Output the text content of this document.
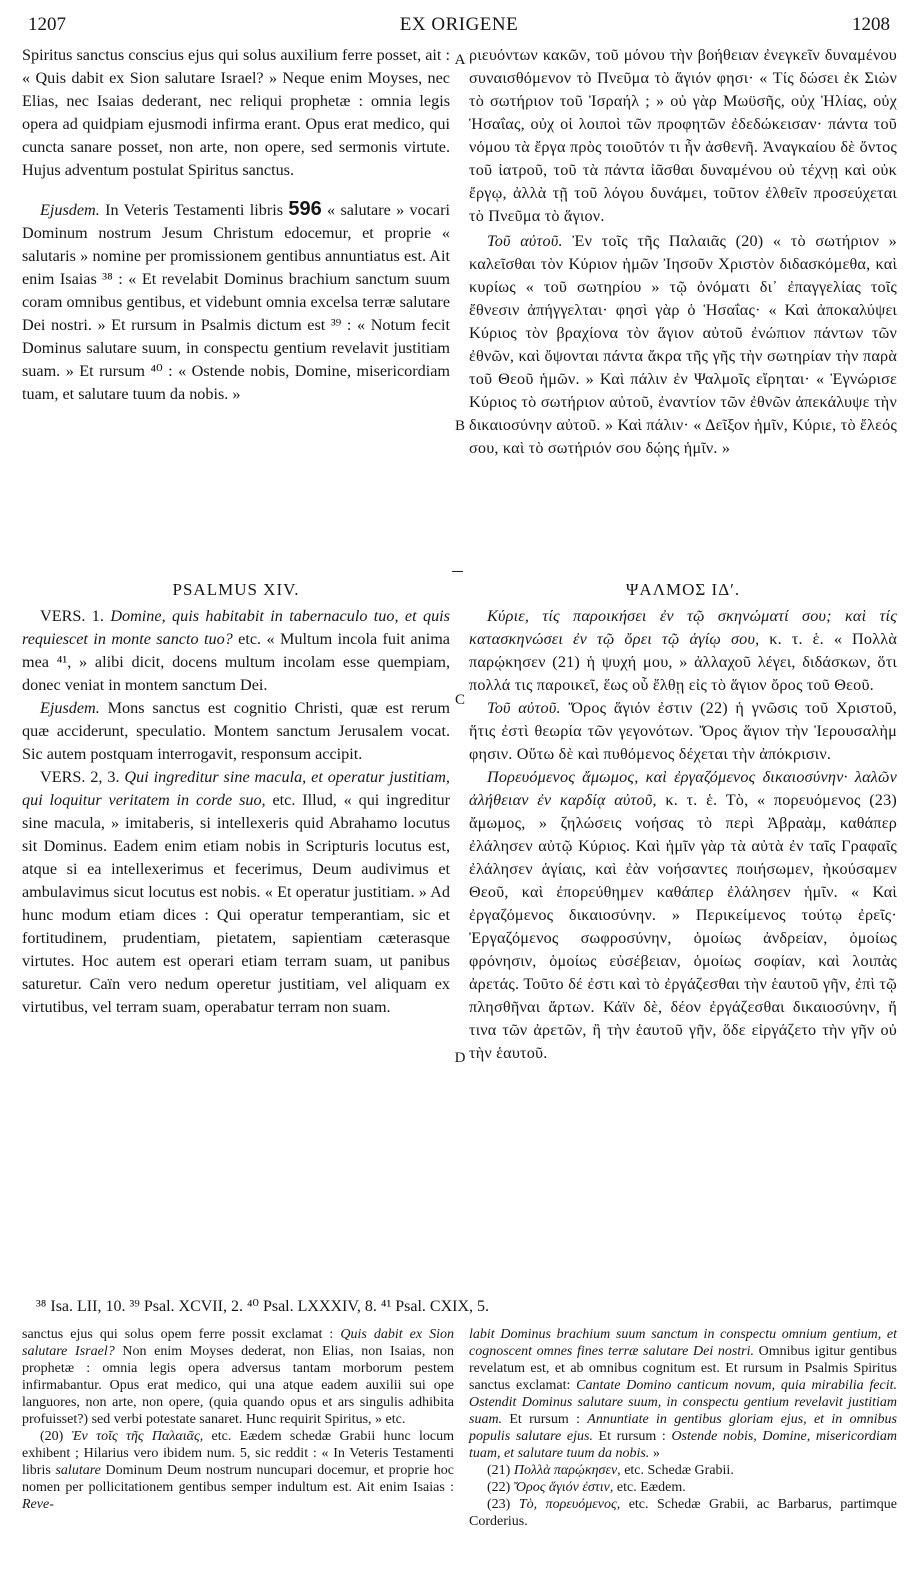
1207	EX ORIGENE	1208
A
B
C
D

Spiritus sanctus conscius ejus qui solus auxilium ferre posset, ait : « Quis dabit ex Sion salutare Israel? » Neque enim Moyses, nec Elias, nec Isaias dederant, nec reliqui prophetæ : omnia legis opera ad quidpiam ejusmodi infirma erant. Opus erat medico, qui cuncta sanare posset, non arte, non opere, sed sermonis virtute. Hujus adventum postulat Spiritus sanctus.

Ejusdem. In Veteris Testamenti libris 596 « salutare » vocari Dominum nostrum Jesum Christum edocemur, et proprie « salutaris » nomine per promissionem gentibus annuntiatus est. Ait enim Isaias ³⁸ : « Et revelabit Dominus brachium sanctum suum coram omnibus gentibus, et videbunt omnia excelsa terræ salutare Dei nostri. » Et rursum in Psalmis dictum est ³⁹ : « Notum fecit Dominus salutare suum, in conspectu gentium revelavit justitiam suam. » Et rursum ⁴⁰ : « Ostende nobis, Domine, misericordiam tuam, et salutare tuum da nobis. »

PSALMUS XIV.

VERS. 1. Domine, quis habitabit in tabernaculo tuo, et quis requiescet in monte sancto tuo? etc. « Multum incola fuit anima mea ⁴¹, » alibi dicit, docens multum incolam esse quempiam, donec veniat in montem sanctum Dei.

Ejusdem. Mons sanctus est cognitio Christi, quæ est rerum quæ acciderunt, speculatio. Montem sanctum Jerusalem vocat. Sic autem postquam interrogavit, responsum accipit.

VERS. 2, 3. Qui ingreditur sine macula, et operatur justitiam, qui loquitur veritatem in corde suo, etc. Illud, « qui ingreditur sine macula, » imitaberis, si intellexeris quid Abrahamo locutus sit Dominus. Eadem enim etiam nobis in Scripturis locutus est, atque si ea intellexerimus et fecerimus, Deum audivimus et ambulavimus sicut locutus est nobis. « Et operatur justitiam. » Ad hunc modum etiam dices : Qui operatur temperantiam, sic et fortitudinem, prudentiam, pietatem, sapientiam cæterasque virtutes. Hoc autem est operari etiam terram suam, ut panibus saturetur. Caïn vero nedum operetur justitiam, vel aliquam ex virtutibus, vel terram suam, operabatur terram non suam.

ριευόντων κακῶν, τοῦ μόνου τὴν βοήθειαν ἐνεγκεῖν δυναμένου συναισθόμενον τὸ Πνεῦμα τὸ ἅγιόν φησι· « Τίς δώσει ἐκ Σιὼν τὸ σωτήριον τοῦ Ἰσραήλ ; » οὐ γὰρ Μωϋσῆς, οὐχ Ἠλίας, οὐχ Ἡσαΐας, οὐχ οἱ λοιποὶ τῶν προφητῶν ἐδεδώκεισαν· πάντα τοῦ νόμου τὰ ἔργα πρὸς τοιοῦτόν τι ἦν ἀσθενῆ. Ἀναγκαίου δὲ ὄντος τοῦ ἰατροῦ, τοῦ τὰ πάντα ἰᾶσθαι δυναμένου οὐ τέχνῃ καὶ οὐκ ἔργῳ, ἀλλὰ τῇ τοῦ λόγου δυνάμει, τοῦτον ἐλθεῖν προσεύχεται τὸ Πνεῦμα τὸ ἅγιον.

Τοῦ αὐτοῦ. Ἐν τοῖς τῆς Παλαιᾶς (20) « τὸ σωτήριον » καλεῖσθαι τὸν Κύριον ἡμῶν Ἰησοῦν Χριστὸν διδασκόμεθα, καὶ κυρίως « τοῦ σωτηρίου » τῷ ὀνόματι δι᾽ ἐπαγγελίας τοῖς ἔθνεσιν ἀπήγγελται· φησὶ γὰρ ὁ Ἡσαΐας· « Καὶ ἀποκαλύψει Κύριος τὸν βραχίονα τὸν ἅγιον αὐτοῦ ἐνώπιον πάντων τῶν ἐθνῶν, καὶ ὄψονται πάντα ἄκρα τῆς γῆς τὴν σωτηρίαν τὴν παρὰ τοῦ Θεοῦ ἡμῶν. » Καὶ πάλιν ἐν Ψαλμοῖς εἴρηται· « Ἐγνώρισε Κύριος τὸ σωτήριον αὐτοῦ, ἐναντίον τῶν ἐθνῶν ἀπεκάλυψε τὴν δικαιοσύνην αὐτοῦ. » Καὶ πάλιν· « Δεῖξον ἡμῖν, Κύριε, τὸ ἔλεός σου, καὶ τὸ σωτήριόν σου δῴης ἡμῖν. »

ΨΑΛΜΟΣ ΙΔʹ.

Κύριε, τίς παροικήσει ἐν τῷ σκηνώματί σου; καὶ τίς κατασκηνώσει ἐν τῷ ὄρει τῷ ἁγίῳ σου, κ. τ. ἑ. « Πολλὰ παρῴκησεν (21) ἡ ψυχή μου, » ἀλλαχοῦ λέγει, διδάσκων, ὅτι πολλά τις παροικεῖ, ἕως οὗ ἔλθῃ εἰς τὸ ἅγιον ὄρος τοῦ Θεοῦ.

Τοῦ αὐτοῦ. Ὄρος ἅγιόν ἐστιν (22) ἡ γνῶσις τοῦ Χριστοῦ, ἥτις ἐστὶ θεωρία τῶν γεγονότων. Ὄρος ἅγιον τὴν Ἱερουσαλὴμ φησιν. Οὕτω δὲ καὶ πυθόμενος δέχεται τὴν ἀπόκρισιν.

Πορευόμενος ἄμωμος, καὶ ἐργαζόμενος δικαιοσύνην· λαλῶν ἀλήθειαν ἐν καρδίᾳ αὐτοῦ, κ. τ. ἑ. Τὸ, « πορευόμενος (23) ἄμωμος, » ζηλώσεις νοήσας τὸ περὶ Ἀβραὰμ, καθάπερ ἐλάλησεν αὐτῷ Κύριος. Καὶ ἡμῖν γὰρ τὰ αὐτὰ ἐν ταῖς Γραφαῖς ἐλάλησεν ἁγίαις, καὶ ἐὰν νοήσαντες ποιήσωμεν, ἠκούσαμεν Θεοῦ, καὶ ἐπορεύθημεν καθάπερ ἐλάλησεν ἡμῖν. « Καὶ ἐργαζόμενος δικαιοσύνην. » Περικείμενος τούτῳ ἐρεῖς· Ἐργαζόμενος σωφροσύνην, ὁμοίως ἀνδρείαν, ὁμοίως φρόνησιν, ὁμοίως εὐσέβειαν, ὁμοίως σοφίαν, καὶ λοιπὰς ἀρετάς. Τοῦτο δέ ἐστι καὶ τὸ ἐργάζεσθαι τὴν ἑαυτοῦ γῆν, ἐπὶ τῷ πλησθῆναι ἄρτων. Κάϊν δὲ, δέον ἐργάζεσθαι δικαιοσύνην, ἤ τινα τῶν ἀρετῶν, ἢ τὴν ἑαυτοῦ γῆν, ὅδε εἰργάζετο τὴν γῆν οὐ τὴν ἑαυτοῦ.

³⁸ Isa. LII, 10. ³⁹ Psal. XCVII, 2. ⁴⁰ Psal. LXXXIV, 8. ⁴¹ Psal. CXIX, 5.

sanctus ejus qui solus opem ferre possit exclamat : Quis dabit ex Sion salutare Israel? Non enim Moyses dederat, non Elias, non Isaias, non prophetæ : omnia legis opera adversus tantam morborum pestem infirmabantur. Opus erat medico, qui una atque eadem auxilii sui ope languores, non arte, non opere, (quia quando opus et ars singulis adhibita profuisset?) sed verbi potestate sanaret. Hunc requirit Spiritus, » etc.

(20) Ἐν τοῖς τῆς Παλαιᾶς, etc. Eædem schedæ Grabii hunc locum exhibent ; Hilarius vero ibidem num. 5, sic reddit : « In Veteris Testamenti libris salutare Dominum Deum nostrum nuncupari docemur, et proprie hoc nomen per pollicitationem gentibus semper indultum est. Ait enim Isaias : Reve-

labit Dominus brachium suum sanctum in conspectu omnium gentium, et cognoscent omnes fines terræ salutare Dei nostri. Omnibus igitur gentibus revelatum est, et ab omnibus cognitum est. Et rursum in Psalmis Spiritus sanctus exclamat: Cantate Domino canticum novum, quia mirabilia fecit. Ostendit Dominus salutare suum, in conspectu gentium revelavit justitiam suam. Et rursum : Annuntiate in gentibus gloriam ejus, et in omnibus populis salutare ejus. Et rursum : Ostende nobis, Domine, misericordiam tuam, et salutare tuum da nobis. »

(21) Πολλὰ παρῴκησεν, etc. Schedæ Grabii.

(22) Ὄρος ἅγιόν ἐστιν, etc. Eædem.

(23) Τὸ, πορευόμενος, etc. Schedæ Grabii, ac Barbarus, partimque Corderius.
